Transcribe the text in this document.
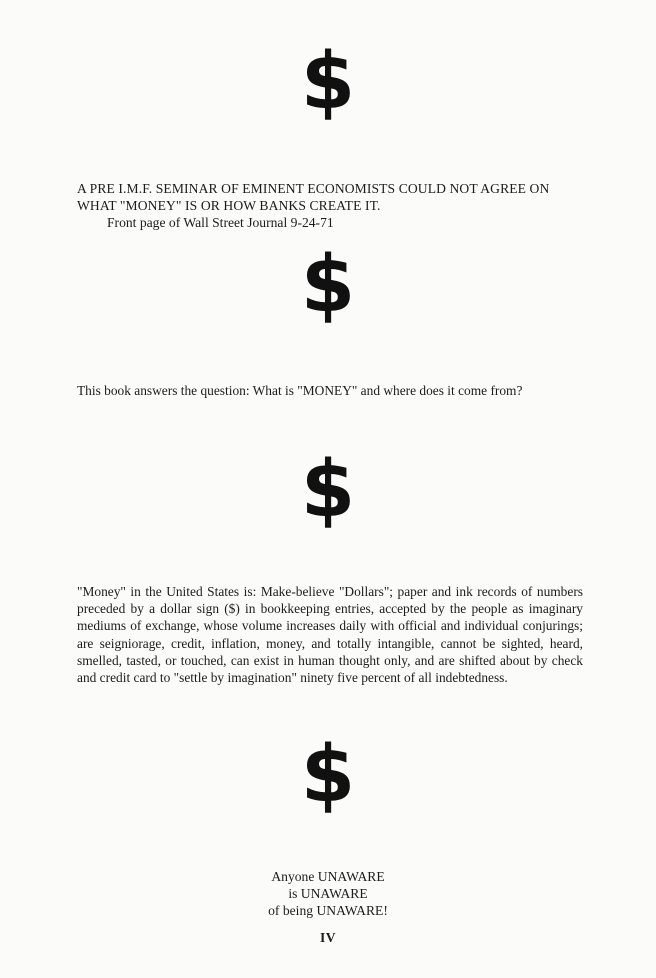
$
A PRE I.M.F. SEMINAR OF EMINENT ECONOMISTS COULD NOT AGREE ON
WHAT "MONEY" IS OR HOW BANKS CREATE IT.
Front page of Wall Street Journal 9-24-71
$
This book answers the question: What is "MONEY" and where does it come from?
$
"Money" in the United States is: Make-believe "Dollars"; paper and ink records of numbers preceded by a dollar sign ($) in bookkeeping entries, accepted by the people as imaginary mediums of exchange, whose volume increases daily with official and individual conjurings; are seigniorage, credit, inflation, money, and totally intangible, cannot be sighted, heard, smelled, tasted, or touched, can exist in human thought only, and are shifted about by check and credit card to "settle by imagination" ninety five percent of all indebtedness.
$
Anyone UNAWARE
is UNAWARE
of being UNAWARE!
IV
